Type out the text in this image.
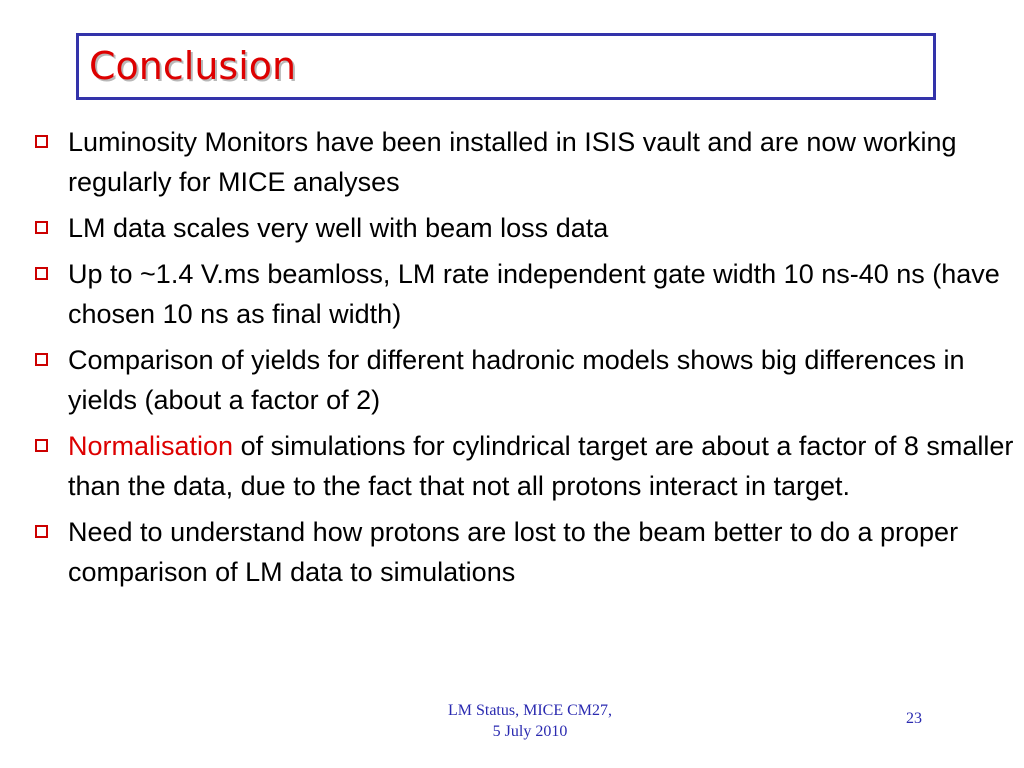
Conclusion
Luminosity Monitors have been installed in ISIS vault and are now working regularly for MICE analyses
LM data scales very well with beam loss data
Up to ~1.4 V.ms beamloss, LM rate independent gate width 10 ns-40 ns (have chosen 10 ns as final width)
Comparison of yields for different hadronic models shows big differences in yields (about a factor of 2)
Normalisation of simulations for cylindrical target are about a factor of 8 smaller than the data, due to the fact that not all protons interact in target.
Need to understand how protons are lost to the beam better to do a proper comparison of LM data to simulations
LM Status, MICE CM27,
5 July 2010
23
